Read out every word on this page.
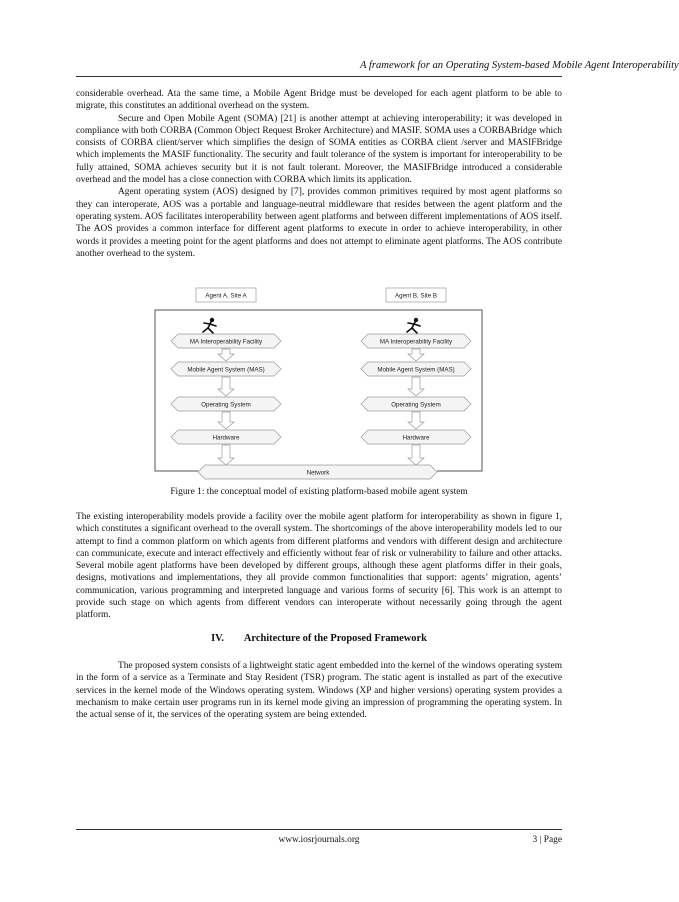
A framework for an Operating System-based Mobile Agent Interoperability

considerable overhead. Ata the same time, a Mobile Agent Bridge must be developed for each agent platform to be able to migrate, this constitutes an additional overhead on the system.

Secure and Open Mobile Agent (SOMA) [21] is another attempt at achieving interoperability; it was developed in compliance with both CORBA (Common Object Request Broker Architecture) and MASIF. SOMA uses a CORBABridge which consists of CORBA client/server which simplifies the design of SOMA entities as CORBA client /server and MASIFBridge which implements the MASIF functionality. The security and fault tolerance of the system is important for interoperability to be fully attained, SOMA achieves security but it is not fault tolerant. Moreover, the MASIFBridge introduced a considerable overhead and the model has a close connection with CORBA which limits its application.

Agent operating system (AOS) designed by [7], provides common primitives required by most agent platforms so they can interoperate, AOS was a portable and language-neutral middleware that resides between the agent platform and the operating system. AOS facilitates interoperability between agent platforms and between different implementations of AOS itself. The AOS provides a common interface for different agent platforms to execute in order to achieve interoperability, in other words it provides a meeting point for the agent platforms and does not attempt to eliminate agent platforms. The AOS contribute another overhead to the system.

Agent A, Site A	Agent B, Site B
MA Interoperability Facility
Mobile Agent System (MAS)
Operating System
Hardware
MA Interoperability Facility
Mobile Agent System (MAS)
Operating System
Hardware
Network
Figure 1: the conceptual model of existing platform-based mobile agent system

The existing interoperability models provide a facility over the mobile agent platform for interoperability as shown in figure 1, which constitutes a significant overhead to the overall system. The shortcomings of the above interoperability models led to our attempt to find a common platform on which agents from different platforms and vendors with different design and architecture can communicate, execute and interact effectively and efficiently without fear of risk or vulnerability to failure and other attacks. Several mobile agent platforms have been developed by different groups, although these agent platforms differ in their goals, designs, motivations and implementations, they all provide common functionalities that support: agents’ migration, agents’ communication, various programming and interpreted language and various forms of security [6]. This work is an attempt to provide such stage on which agents from different vendors can interoperate without necessarily going through the agent platform.

IV. Architecture of the Proposed Framework

The proposed system consists of a lightweight static agent embedded into the kernel of the windows operating system in the form of a service as a Terminate and Stay Resident (TSR) program. The static agent is installed as part of the executive services in the kernel mode of the Windows operating system. Windows (XP and higher versions) operating system provides a mechanism to make certain user programs run in its kernel mode giving an impression of programming the operating system. In the actual sense of it, the services of the operating system are being extended.

www.iosrjournals.org	3 | Page
